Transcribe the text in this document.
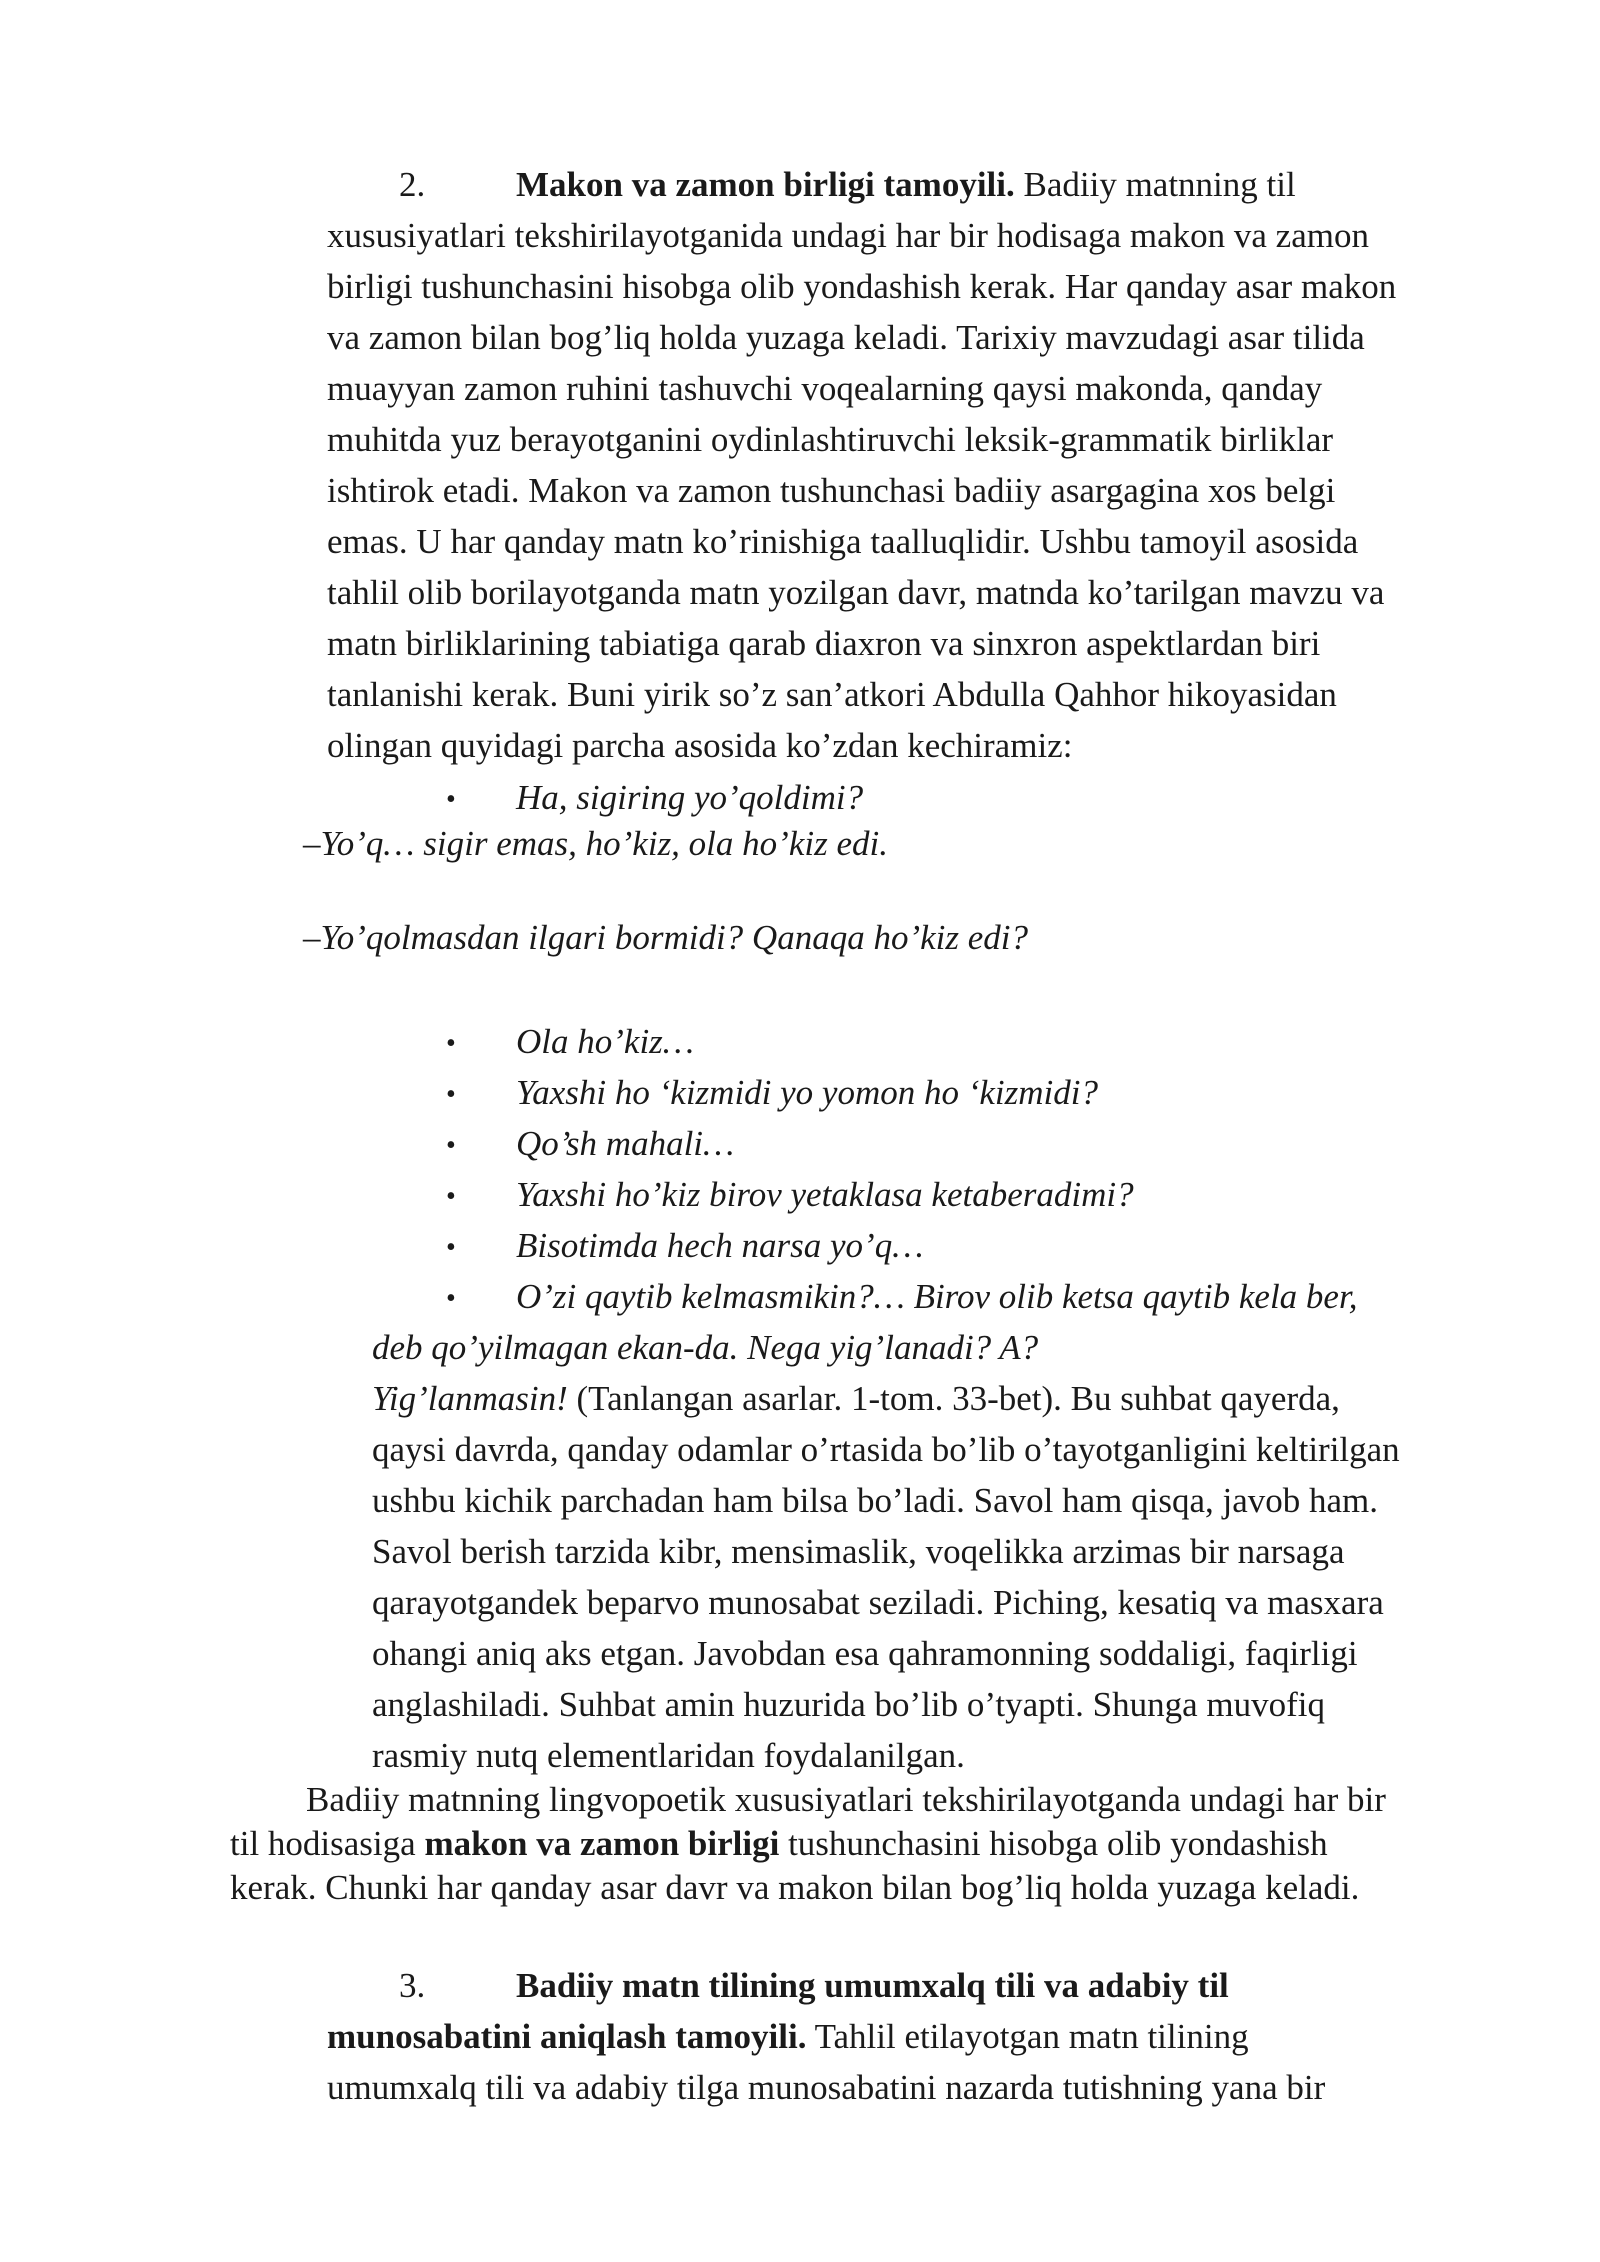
2.	Makon va zamon birligi tamoyili. Badiiy matnning til
xususiyatlari tekshirilayotganida undagi har bir hodisaga makon va zamon
birligi tushunchasini hisobga olib yondashish kerak. Har qanday asar makon
va zamon bilan bog’liq holda yuzaga keladi. Tarixiy mavzudagi asar tilida
muayyan zamon ruhini tashuvchi voqealarning qaysi makonda, qanday
muhitda yuz berayotganini oydinlashtiruvchi leksik-grammatik birliklar
ishtirok etadi. Makon va zamon tushunchasi badiiy asargagina xos belgi
emas. U har qanday matn ko’rinishiga taalluqlidir. Ushbu tamoyil asosida
tahlil olib borilayotganda matn yozilgan davr, matnda ko’tarilgan mavzu va
matn birliklarining tabiatiga qarab diaxron va sinxron aspektlardan biri
tanlanishi kerak. Buni yirik so’z san’atkori Abdulla Qahhor hikoyasidan
olingan quyidagi parcha asosida ko’zdan kechiramiz:
• Ha, sigiring yo’qoldimi?
–Yo’q… sigir emas, ho’kiz, ola ho’kiz edi.
–Yo’qolmasdan ilgari bormidi? Qanaqa ho’kiz edi?
• Ola ho’kiz…
• Yaxshi ho ‘kizmidi yo yomon ho ‘kizmidi?
• Qo’sh mahali…
• Yaxshi ho’kiz birov yetaklasa ketaberadimi?
• Bisotimda hech narsa yo’q…
• O’zi qaytib kelmasmikin?… Birov olib ketsa qaytib kela ber,
deb qo’yilmagan ekan-da. Nega yig’lanadi? A?
Yig’lanmasin! (Tanlangan asarlar. 1-tom. 33-bet). Bu suhbat qayerda,
qaysi davrda, qanday odamlar o’rtasida bo’lib o’tayotganligini keltirilgan
ushbu kichik parchadan ham bilsa bo’ladi. Savol ham qisqa, javob ham.
Savol berish tarzida kibr, mensimaslik, voqelikka arzimas bir narsaga
qarayotgandek beparvo munosabat seziladi. Piching, kesatiq va masxara
ohangi aniq aks etgan. Javobdan esa qahramonning soddaligi, faqirligi
anglashiladi. Suhbat amin huzurida bo’lib o’tyapti. Shunga muvofiq
rasmiy nutq elementlaridan foydalanilgan.
Badiiy matnning lingvopoetik xususiyatlari tekshirilayotganda undagi har bir
til hodisasiga makon va zamon birligi tushunchasini hisobga olib yondashish
kerak. Chunki har qanday asar davr va makon bilan bog’liq holda yuzaga keladi.
3.	Badiiy matn tilining umumxalq tili va adabiy til
munosabatini aniqlash tamoyili. Tahlil etilayotgan matn tilining
umumxalq tili va adabiy tilga munosabatini nazarda tutishning yana bir
